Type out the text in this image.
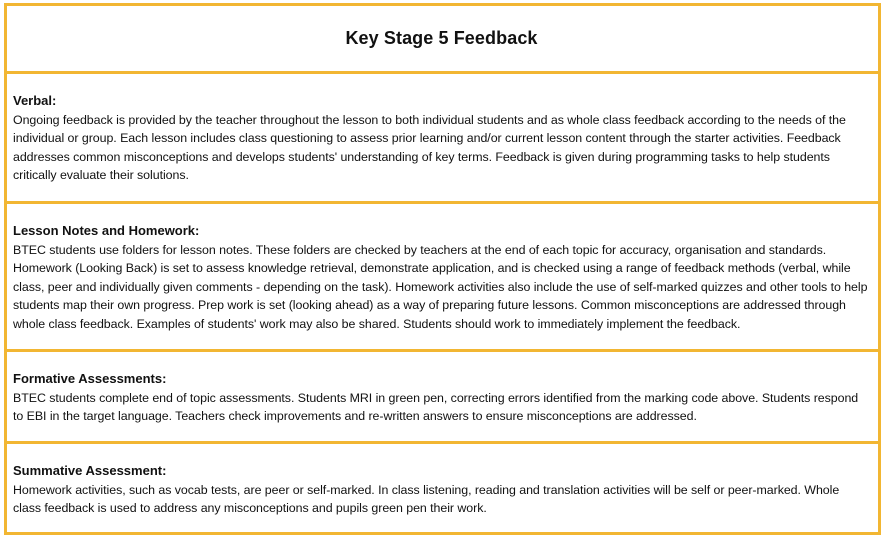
Key Stage 5 Feedback

Verbal:

Ongoing feedback is provided by the teacher throughout the lesson to both individual students and as whole class feedback according to the needs of the individual or group. Each lesson includes class questioning to assess prior learning and/or current lesson content through the starter activities. Feedback addresses common misconceptions and develops students' understanding of key terms. Feedback is given during programming tasks to help students critically evaluate their solutions.

Lesson Notes and Homework:

BTEC students use folders for lesson notes. These folders are checked by teachers at the end of each topic for accuracy, organisation and standards. Homework (Looking Back) is set to assess knowledge retrieval, demonstrate application, and is checked using a range of feedback methods (verbal, while class, peer and individually given comments - depending on the task). Homework activities also include the use of self-marked quizzes and other tools to help students map their own progress. Prep work is set (looking ahead) as a way of preparing future lessons. Common misconceptions are addressed through whole class feedback. Examples of students' work may also be shared. Students should work to immediately implement the feedback.

Formative Assessments:

BTEC students complete end of topic assessments. Students MRI in green pen, correcting errors identified from the marking code above. Students respond to EBI in the target language. Teachers check improvements and re-written answers to ensure misconceptions are addressed.

Summative Assessment:

Homework activities, such as vocab tests, are peer or self-marked. In class listening, reading and translation activities will be self or peer-marked. Whole class feedback is used to address any misconceptions and pupils green pen their work.
